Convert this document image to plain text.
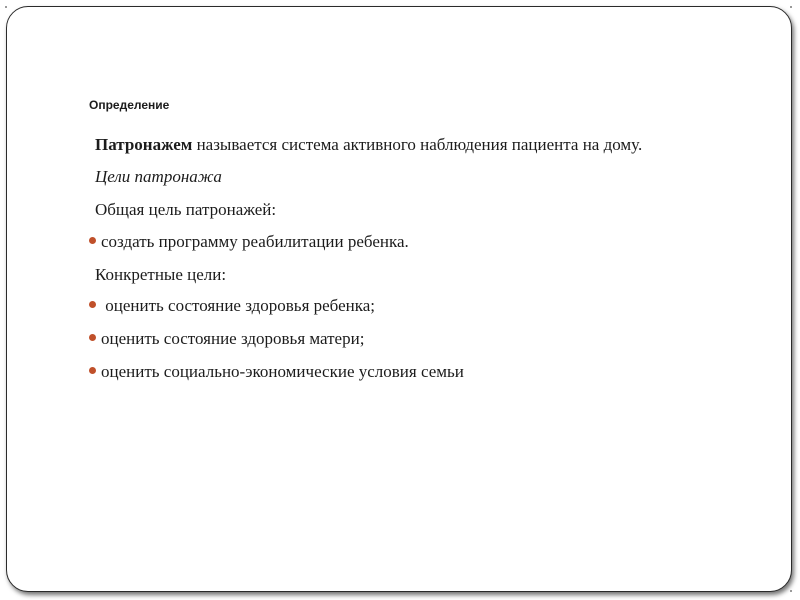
Определение
Патронажем называется система активного наблюдения пациента на дому.
Цели патронажа
Общая цель патронажей:
создать программу реабилитации ребенка.
Конкретные цели:
оценить состояние здоровья ребенка;
оценить состояние здоровья матери;
оценить социально-экономические условия семьи
